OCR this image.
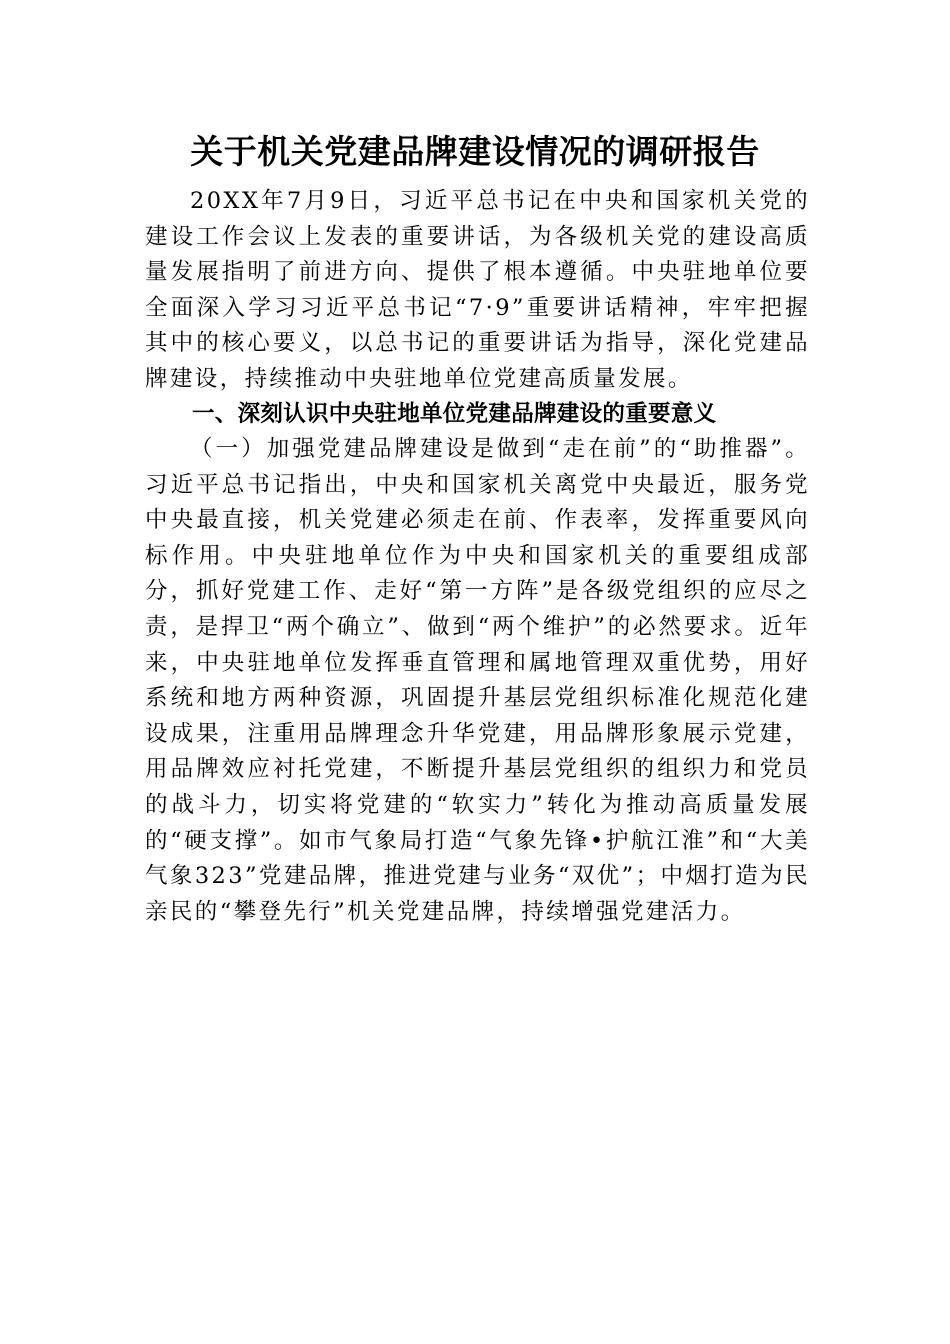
关于机关党建品牌建设情况的调研报告

20XX年7月9日，习近平总书记在中央和国家机关党的建设工作会议上发表的重要讲话，为各级机关党的建设高质量发展指明了前进方向、提供了根本遵循。中央驻地单位要全面深入学习习近平总书记“7·9”重要讲话精神，牢牢把握其中的核心要义，以总书记的重要讲话为指导，深化党建品牌建设，持续推动中央驻地单位党建高质量发展。

一、深刻认识中央驻地单位党建品牌建设的重要意义

（一）加强党建品牌建设是做到“走在前”的“助推器”。习近平总书记指出，中央和国家机关离党中央最近，服务党中央最直接，机关党建必须走在前、作表率，发挥重要风向标作用。中央驻地单位作为中央和国家机关的重要组成部分，抓好党建工作、走好“第一方阵”是各级党组织的应尽之责，是捍卫“两个确立”、做到“两个维护”的必然要求。近年来，中央驻地单位发挥垂直管理和属地管理双重优势，用好系统和地方两种资源，巩固提升基层党组织标准化规范化建设成果，注重用品牌理念升华党建，用品牌形象展示党建，用品牌效应衬托党建，不断提升基层党组织的组织力和党员的战斗力，切实将党建的“软实力”转化为推动高质量发展的“硬支撑”。如市气象局打造“气象先锋•护航江淮”和“大美气象323”党建品牌，推进党建与业务“双优”；中烟打造为民亲民的“攀登先行”机关党建品牌，持续增强党建活力。
